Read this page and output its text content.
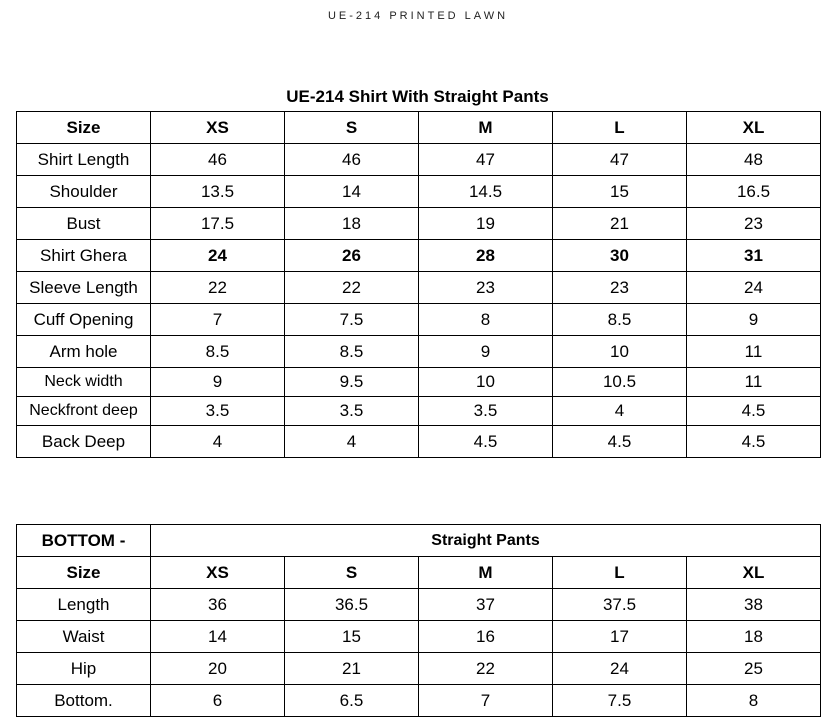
UE-214 PRINTED LAWN
UE-214 Shirt With Straight Pants
Size	XS	S	M	L	XL
Shirt Length	46	46	47	47	48
Shoulder	13.5	14	14.5	15	16.5
Bust	17.5	18	19	21	23
Shirt Ghera	24	26	28	30	31
Sleeve Length	22	22	23	23	24
Cuff Opening	7	7.5	8	8.5	9
Arm hole	8.5	8.5	9	10	11
Neck width	9	9.5	10	10.5	11
Neckfront deep	3.5	3.5	3.5	4	4.5
Back Deep	4	4	4.5	4.5	4.5
BOTTOM -	Straight Pants				
Size	XS	S	M	L	XL
Length	36	36.5	37	37.5	38
Waist	14	15	16	17	18
Hip	20	21	22	24	25
Bottom.	6	6.5	7	7.5	8
